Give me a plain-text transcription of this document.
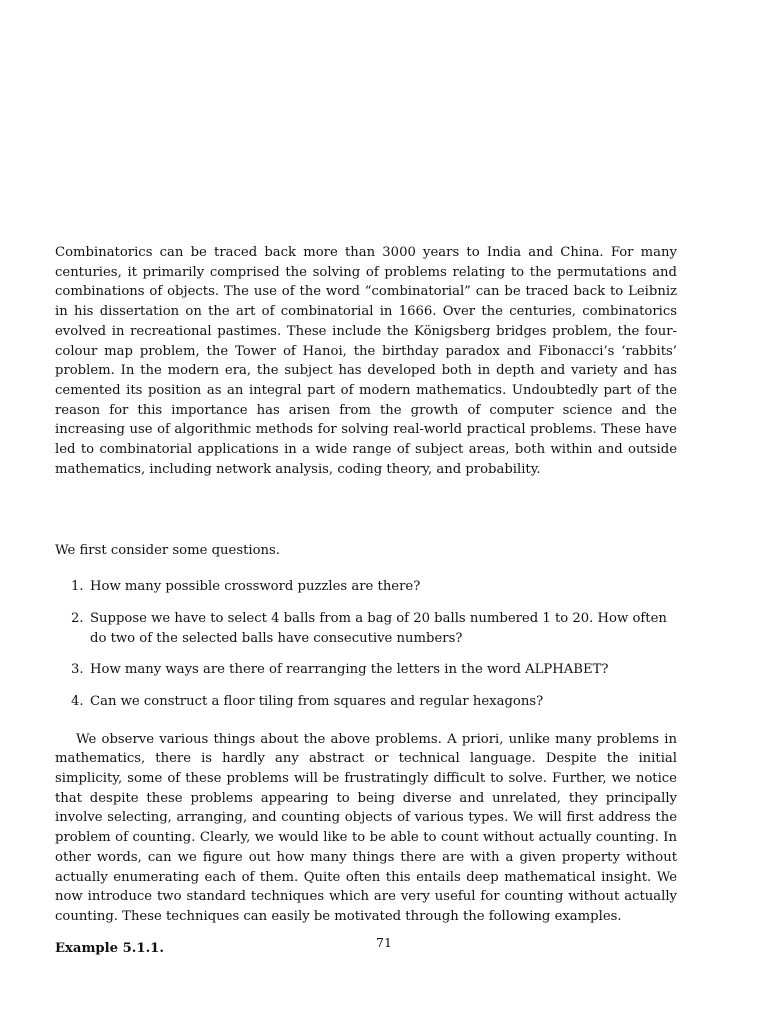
Combinatorics can be traced back more than 3000 years to India and China. For many centuries, it primarily comprised the solving of problems relating to the permutations and combinations of objects. The use of the word “combinatorial” can be traced back to Leibniz in his dissertation on the art of combinatorial in 1666. Over the centuries, combinatorics evolved in recreational pastimes. These include the Königsberg bridges problem, the four-colour map problem, the Tower of Hanoi, the birthday paradox and Fibonacci’s ‘rabbits’ problem. In the modern era, the subject has developed both in depth and variety and has cemented its position as an integral part of modern mathematics. Undoubtedly part of the reason for this importance has arisen from the growth of computer science and the increasing use of algorithmic methods for solving real-world practical problems. These have led to combinatorial applications in a wide range of subject areas, both within and outside mathematics, including network analysis, coding theory, and probability.

We first consider some questions.

1. How many possible crossword puzzles are there?
2. Suppose we have to select 4 balls from a bag of 20 balls numbered 1 to 20. How often do two of the selected balls have consecutive numbers?
3. How many ways are there of rearranging the letters in the word ALPHABET?
4. Can we construct a floor tiling from squares and regular hexagons?

We observe various things about the above problems. A priori, unlike many problems in mathematics, there is hardly any abstract or technical language. Despite the initial simplicity, some of these problems will be frustratingly difficult to solve. Further, we notice that despite these problems appearing to being diverse and unrelated, they principally involve selecting, arranging, and counting objects of various types. We will first address the problem of counting. Clearly, we would like to be able to count without actually counting. In other words, can we figure out how many things there are with a given property without actually enumerating each of them. Quite often this entails deep mathematical insight. We now introduce two standard techniques which are very useful for counting without actually counting. These techniques can easily be motivated through the following examples.

Example 5.1.1.	71
